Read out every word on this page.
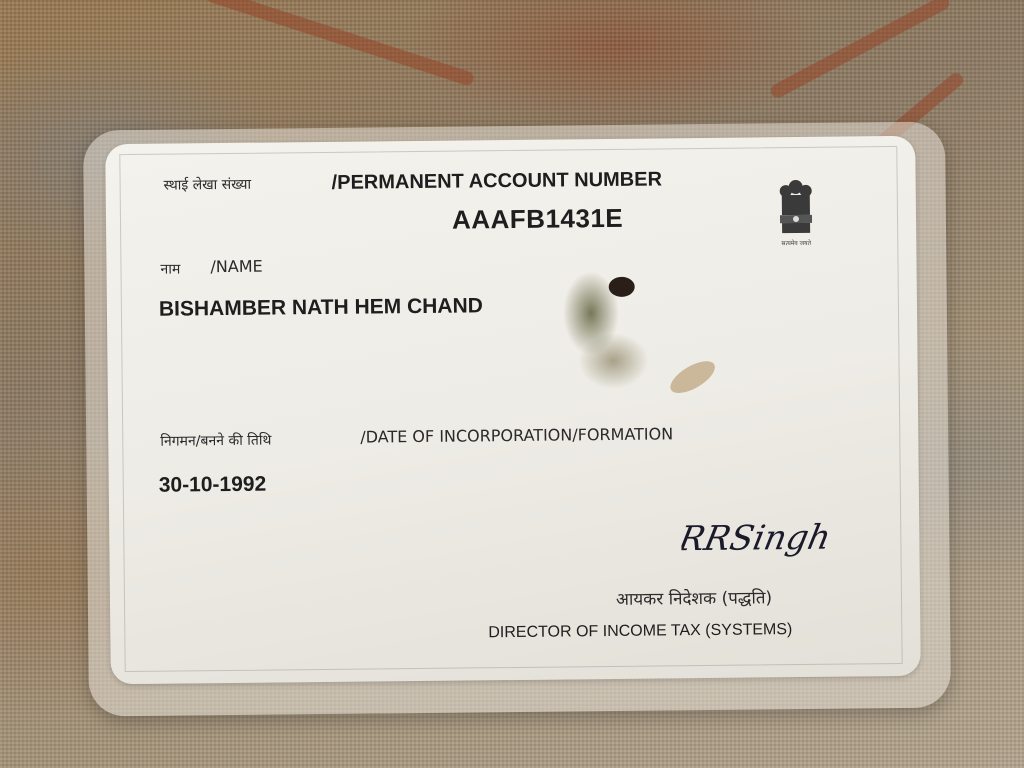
स्थाई लेखा संख्या	/PERMANENT ACCOUNT NUMBER
AAAFB1431E
सत्यमेव जयते
नाम /NAME
BISHAMBER NATH HEM CHAND
निगमन/बनने की तिथि	/DATE OF INCORPORATION/FORMATION
30-10-1992
RRSingh
आयकर निदेशक (पद्धति)
DIRECTOR OF INCOME TAX (SYSTEMS)
